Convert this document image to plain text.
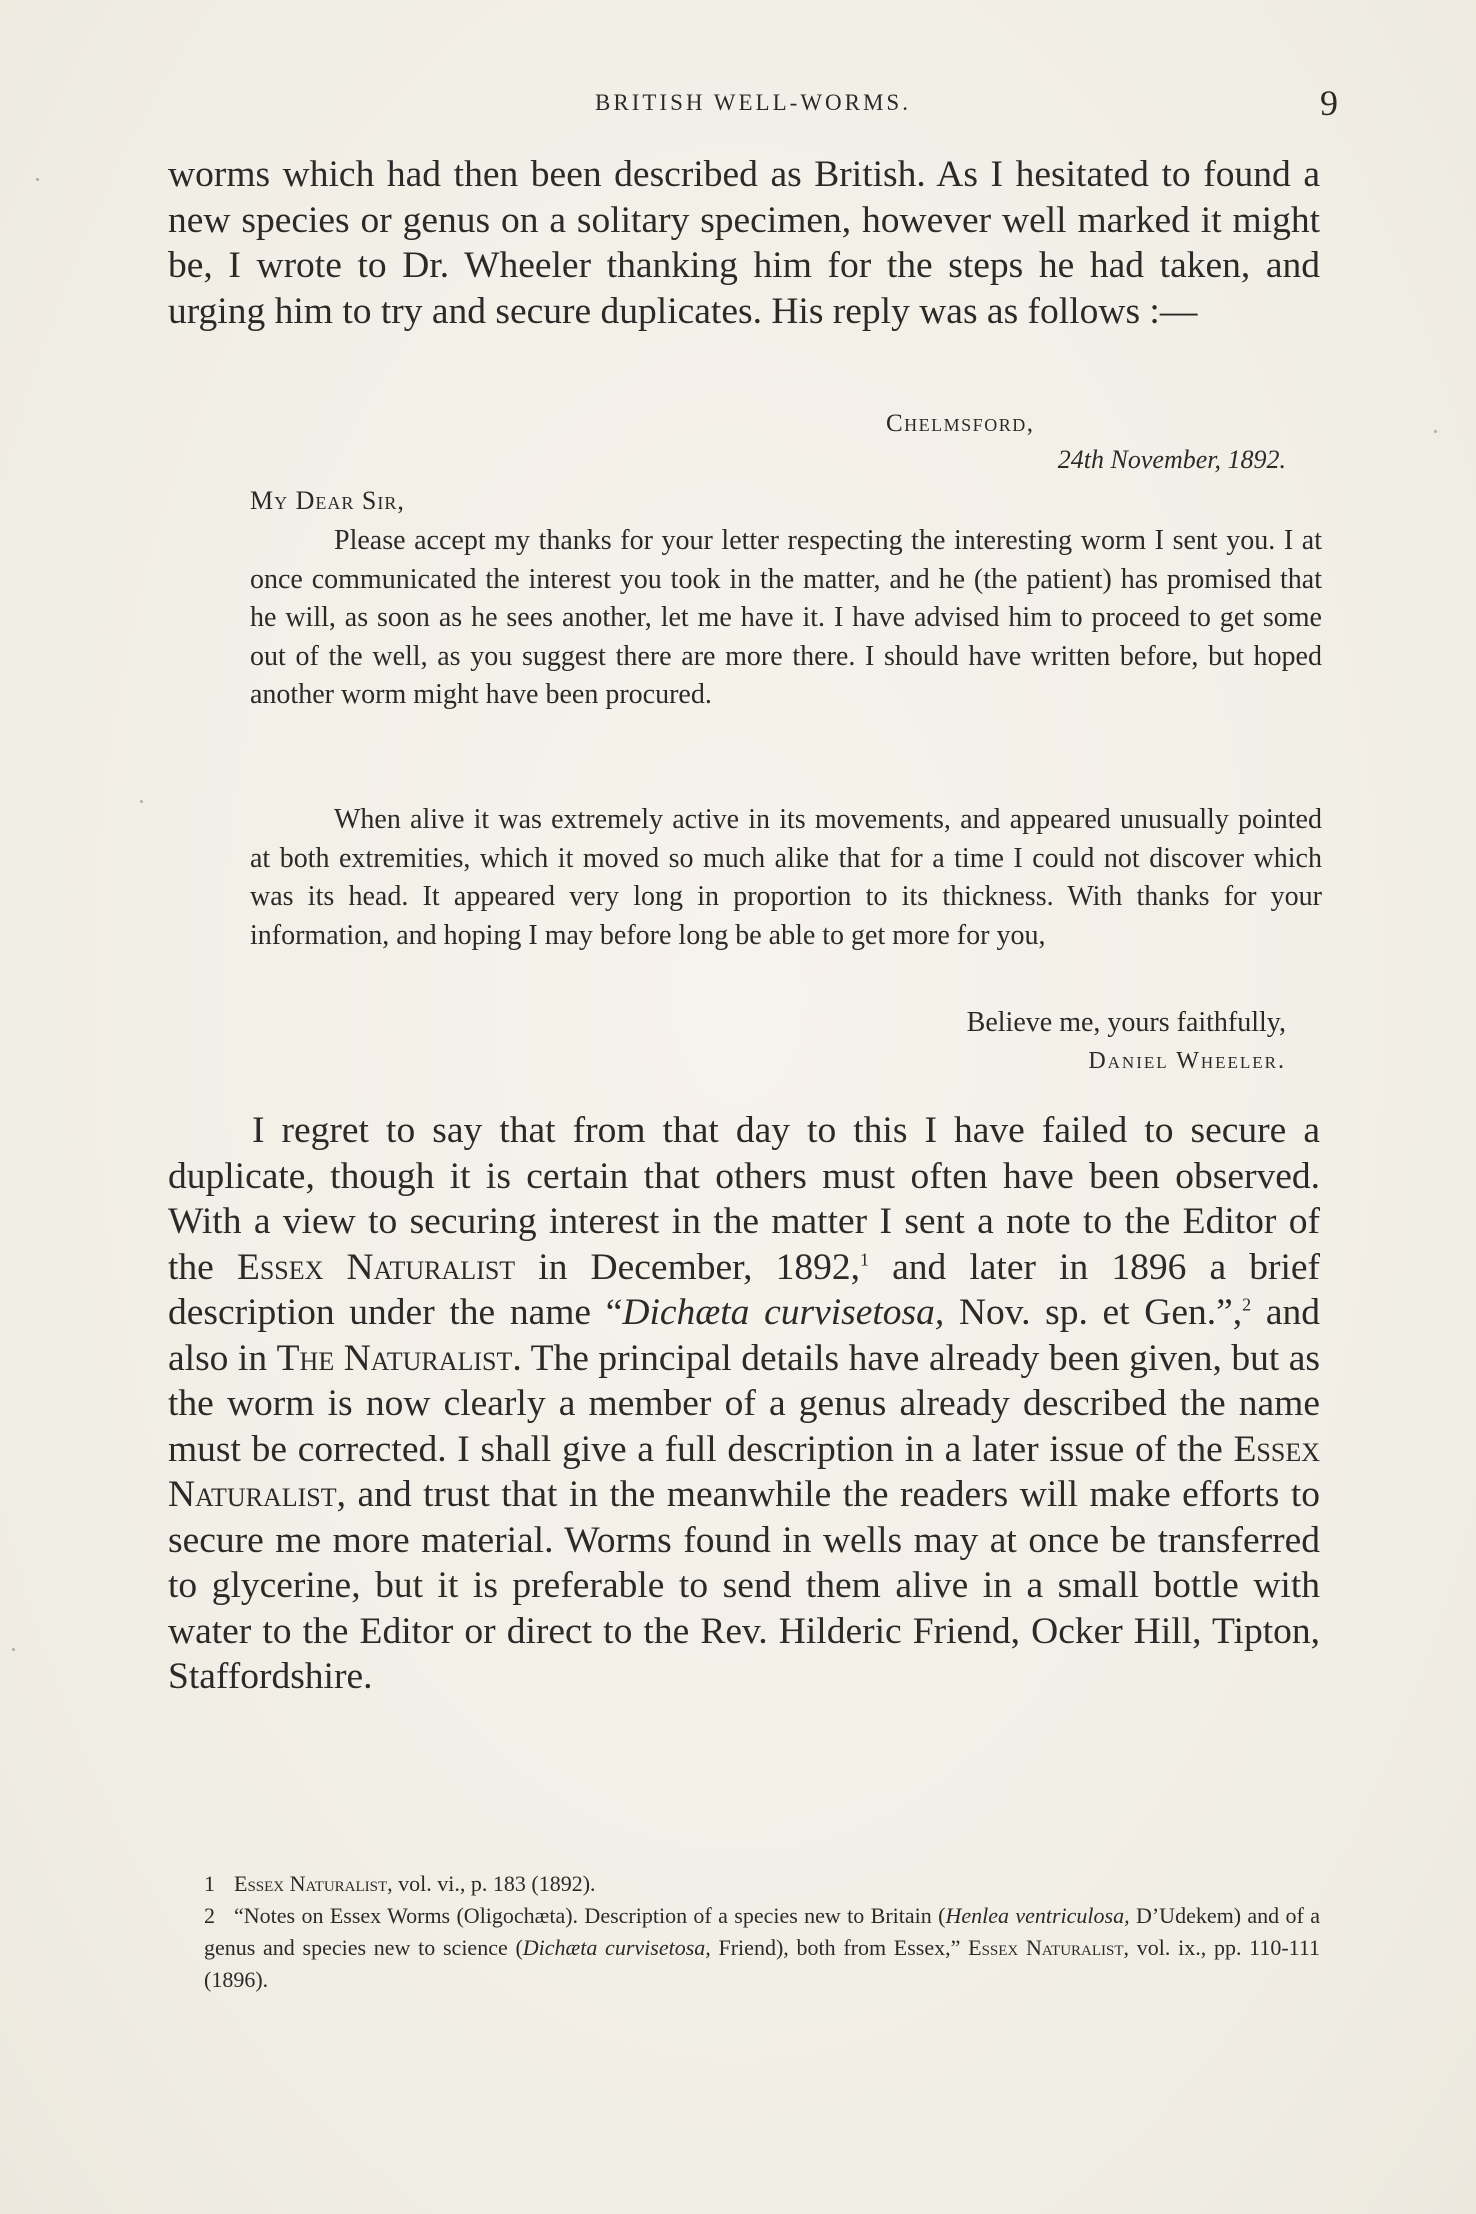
BRITISH WELL-WORMS.	9

worms which had then been described as British. As I hesitated to found a new species or genus on a solitary specimen, however well marked it might be, I wrote to Dr. Wheeler thanking him for the steps he had taken, and urging him to try and secure duplicates. His reply was as follows :—

Chelmsford,
24th November, 1892.
My Dear Sir,

Please accept my thanks for your letter respecting the interesting worm I sent you. I at once communicated the interest you took in the matter, and he (the patient) has promised that he will, as soon as he sees another, let me have it. I have advised him to proceed to get some out of the well, as you suggest there are more there. I should have written before, but hoped another worm might have been procured.

When alive it was extremely active in its movements, and appeared unusually pointed at both extremities, which it moved so much alike that for a time I could not discover which was its head. It appeared very long in proportion to its thickness. With thanks for your information, and hoping I may before long be able to get more for you,

Believe me, yours faithfully,
Daniel Wheeler.

I regret to say that from that day to this I have failed to secure a duplicate, though it is certain that others must often have been observed. With a view to securing interest in the matter I sent a note to the Editor of the Essex Naturalist in December, 1892,$^1$ and later in 1896 a brief description under the name “Dichæta curvisetosa, Nov. sp. et Gen.”,$^2$ and also in The Naturalist. The principal details have already been given, but as the worm is now clearly a member of a genus already described the name must be corrected. I shall give a full description in a later issue of the Essex Naturalist, and trust that in the meanwhile the readers will make efforts to secure me more material. Worms found in wells may at once be transferred to glycerine, but it is preferable to send them alive in a small bottle with water to the Editor or direct to the Rev. Hilderic Friend, Ocker Hill, Tipton, Staffordshire.

1 Essex Naturalist, vol. vi., p. 183 (1892).

2 “Notes on Essex Worms (Oligochæta). Description of a species new to Britain (Henlea ventriculosa, D’Udekem) and of a genus and species new to science (Dichæta curvisetosa, Friend), both from Essex,” Essex Naturalist, vol. ix., pp. 110-111 (1896).
